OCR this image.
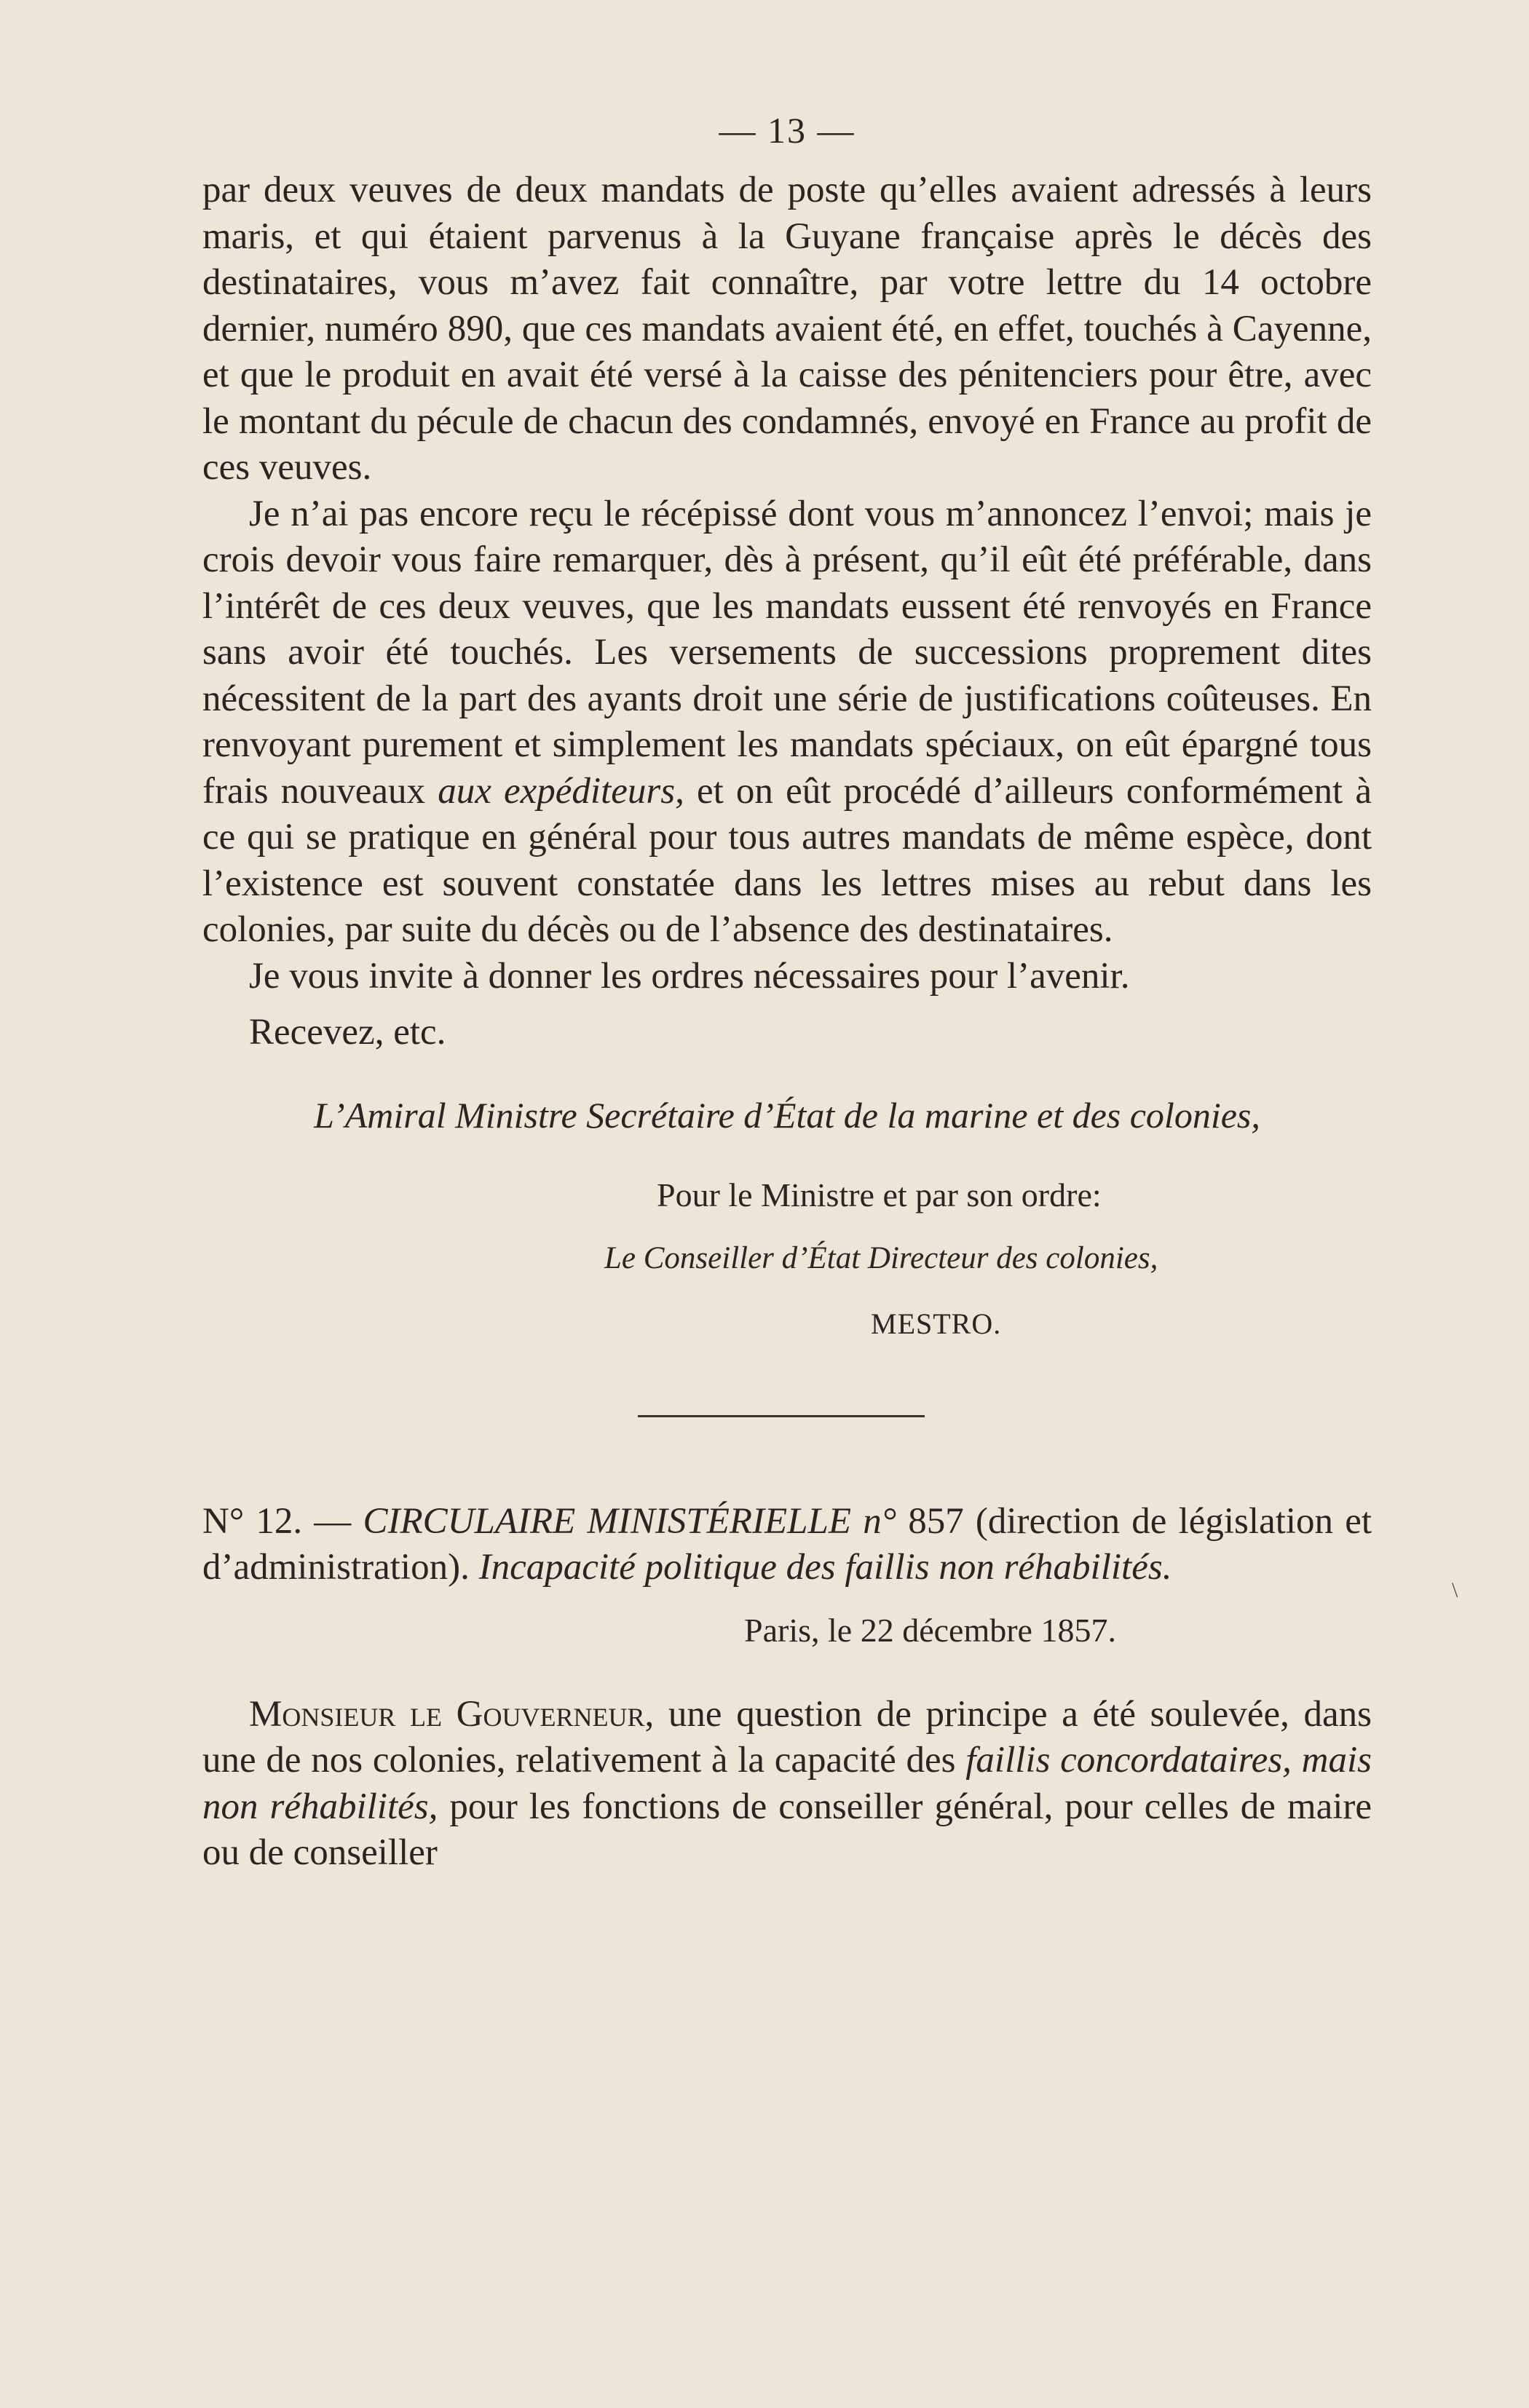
— 13 —

par deux veuves de deux mandats de poste qu’elles avaient adressés à leurs maris, et qui étaient parvenus à la Guyane française après le décès des destinataires, vous m’avez fait connaître, par votre lettre du 14 octobre dernier, numéro 890, que ces mandats avaient été, en effet, touchés à Cayenne, et que le produit en avait été versé à la caisse des pénitenciers pour être, avec le montant du pécule de chacun des condamnés, envoyé en France au profit de ces veuves.

Je n’ai pas encore reçu le récépissé dont vous m’annoncez l’envoi; mais je crois devoir vous faire remarquer, dès à présent, qu’il eût été préférable, dans l’intérêt de ces deux veuves, que les mandats eussent été renvoyés en France sans avoir été touchés. Les versements de successions proprement dites nécessitent de la part des ayants droit une série de justifications coûteuses. En renvoyant purement et simplement les mandats spéciaux, on eût épargné tous frais nouveaux aux expéditeurs, et on eût procédé d’ailleurs conformément à ce qui se pratique en général pour tous autres mandats de même espèce, dont l’existence est souvent constatée dans les lettres mises au rebut dans les colonies, par suite du décès ou de l’absence des destinataires.

Je vous invite à donner les ordres nécessaires pour l’avenir.

Recevez, etc.

L’Amiral Ministre Secrétaire d’État de la marine et des colonies,

Pour le Ministre et par son ordre:

Le Conseiller d’État Directeur des colonies,

MESTRO.

N° 12. — CIRCULAIRE MINISTÉRIELLE n° 857 (direction de législation et d’administration). Incapacité politique des faillis non réhabilités.

Paris, le 22 décembre 1857.

Monsieur le Gouverneur, une question de principe a été soulevée, dans une de nos colonies, relativement à la capacité des faillis concordataires, mais non réhabilités, pour les fonctions de conseiller général, pour celles de maire ou de conseiller

\
